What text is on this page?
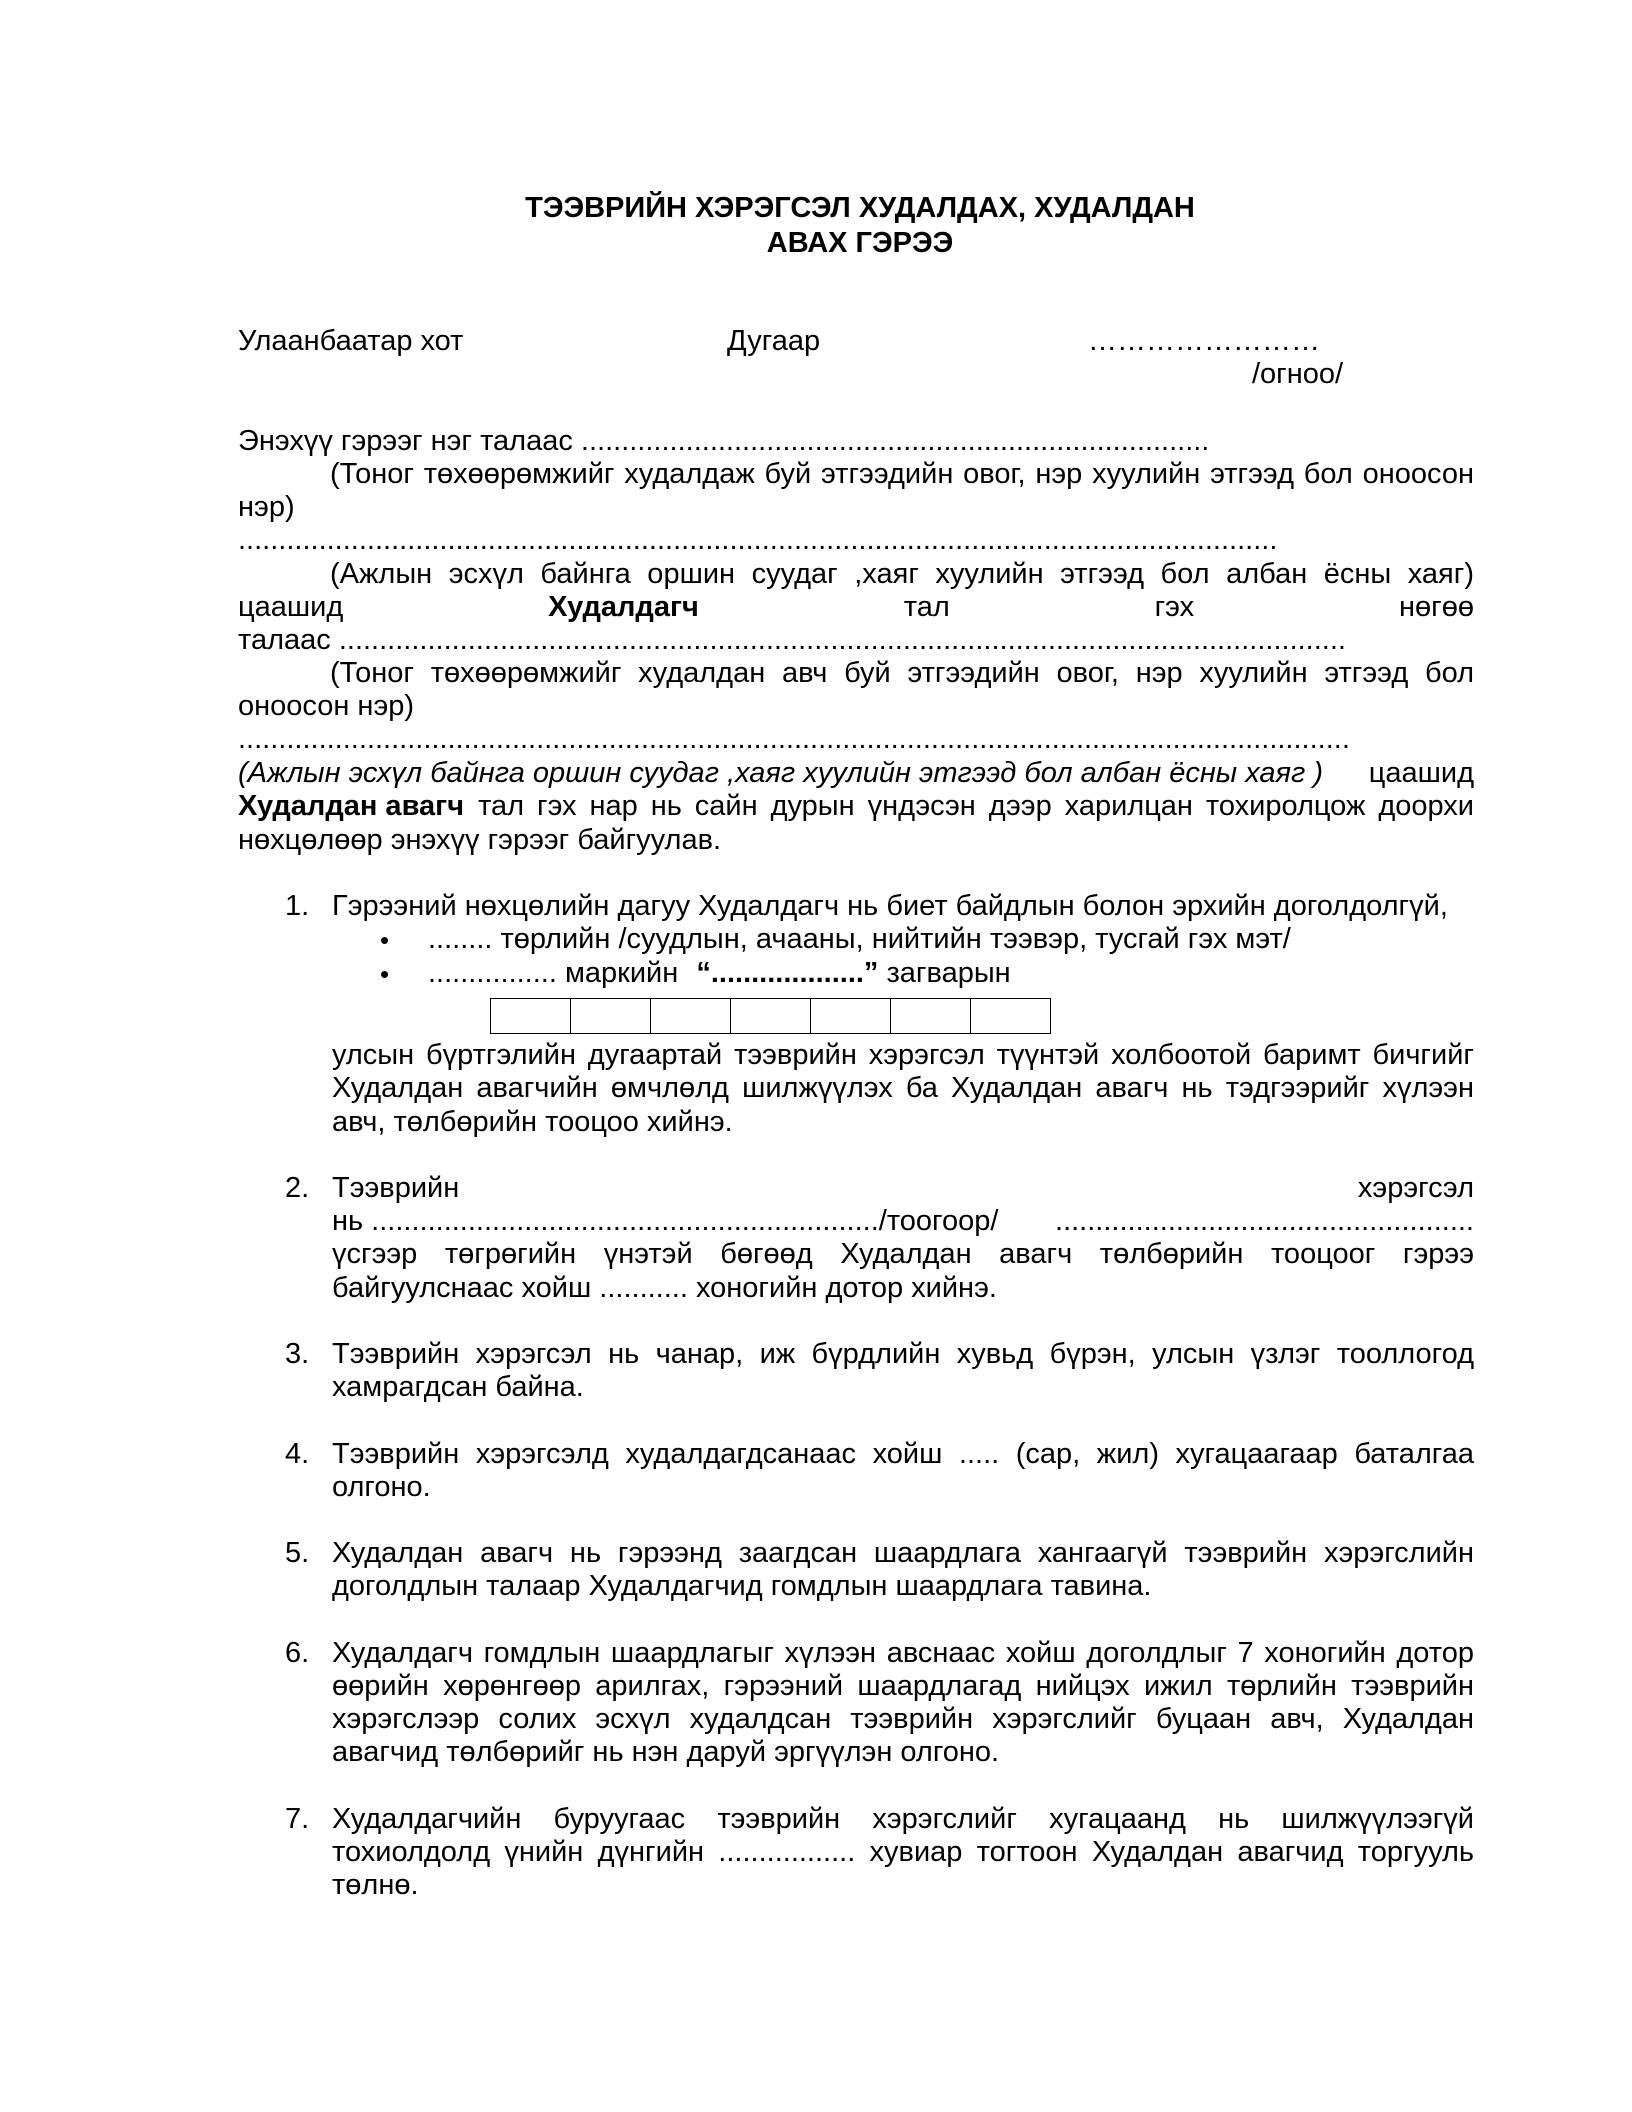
ТЭЭВРИЙН ХЭРЭГСЭЛ ХУДАЛДАХ, ХУДАЛДАН
АВАХ ГЭРЭЭ
Улаанбаатар хот	Дугаар	……………………
/огноо/
Энэхүү гэрээг нэг талаас ..............................................................................
(Тоног төхөөрөмжийг худалдаж буй этгээдийн овог, нэр хуулийн этгээд бол оноосон
нэр)
.................................................................................................................................
(Ажлын эсхүл байнга оршин суудаг ,хаяг хуулийн этгээд бол албан ёсны хаяг)
цаашид	Худалдагч	тал	гэх	нөгөө
талаас .............................................................................................................................
(Тоног төхөөрөмжийг худалдан авч буй этгээдийн овог, нэр хуулийн этгээд бол
оноосон нэр)
..........................................................................................................................................
(Ажлын эсхүл байнга оршин суудаг ,хаяг хуулийн этгээд бол албан ёсны хаяг ) цаашид
Худалдан авагч тал гэх нар нь сайн дурын үндэсэн дээр харилцан тохиролцож доорхи
нөхцөлөөр энэхүү гэрээг байгуулав.
1. Гэрээний нөхцөлийн дагуу Худалдагч нь биет байдлын болон эрхийн доголдолгүй,
• ........ төрлийн /суудлын, ачааны, нийтийн тээвэр, тусгай гэх мэт/
• ................ маркийн “...................” загварын
улсын бүртгэлийн дугаартай тээврийн хэрэгсэл түүнтэй холбоотой баримт бичгийг
Худалдан авагчийн өмчлөлд шилжүүлэх ба Худалдан авагч нь тэдгээрийг хүлээн
авч, төлбөрийн тооцоо хийнэ.
2. Тээврийн	хэрэгсэл
нь .............................................................../тоогоор/ ....................................................
үсгээр төгрөгийн үнэтэй бөгөөд Худалдан авагч төлбөрийн тооцоог гэрээ
байгуулснаас хойш ........... хоногийн дотор хийнэ.
3. Тээврийн хэрэгсэл нь чанар, иж бүрдлийн хувьд бүрэн, улсын үзлэг тооллогод
хамрагдсан байна.
4. Тээврийн хэрэгсэлд худалдагдсанаас хойш ..... (сар, жил) хугацаагаар баталгаа
олгоно.
5. Худалдан авагч нь гэрээнд заагдсан шаардлага хангаагүй тээврийн хэрэгслийн
доголдлын талаар Худалдагчид гомдлын шаардлага тавина.
6. Худалдагч гомдлын шаардлагыг хүлээн авснаас хойш доголдлыг 7 хоногийн дотор
өөрийн хөрөнгөөр арилгах, гэрээний шаардлагад нийцэх ижил төрлийн тээврийн
хэрэгслээр солих эсхүл худалдсан тээврийн хэрэгслийг буцаан авч, Худалдан
авагчид төлбөрийг нь нэн даруй эргүүлэн олгоно.
7. Худалдагчийн буруугаас тээврийн хэрэгслийг хугацаанд нь шилжүүлээгүй
тохиолдолд үнийн дүнгийн ................. хувиар тогтоон Худалдан авагчид торгууль
төлнө.
